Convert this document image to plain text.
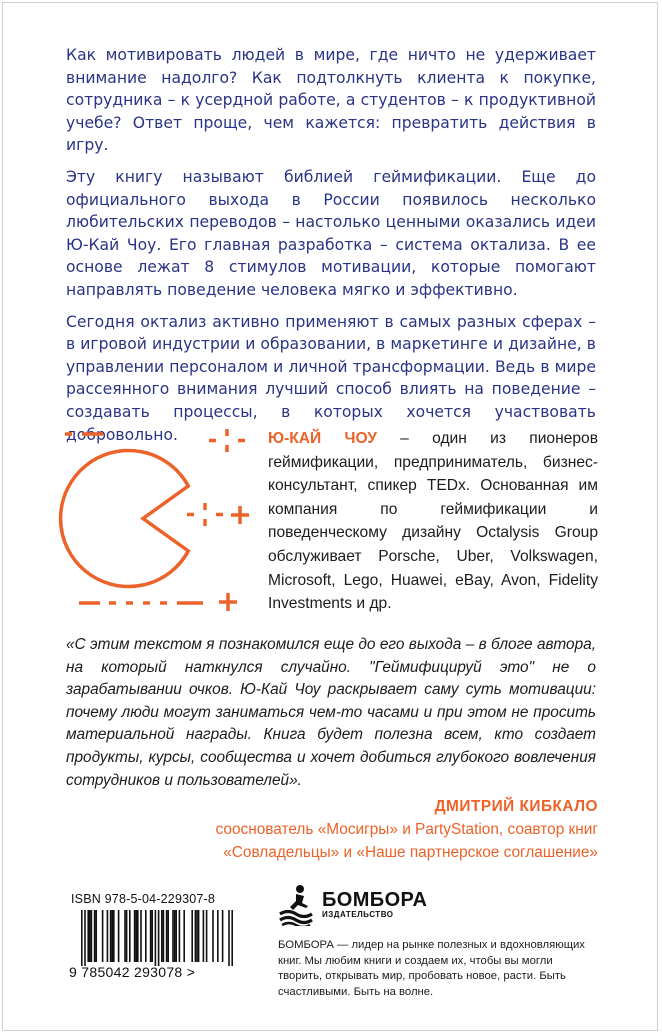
Как мотивировать людей в мире, где ничто не удерживает внимание надолго? Как подтолкнуть клиента к покупке, сотрудника – к усердной работе, а студентов – к продуктивной учебе? Ответ проще, чем кажется: превратить действия в игру.

Эту книгу называют библией геймификации. Еще до официального выхода в России появилось несколько любительских переводов – настолько ценными оказались идеи Ю-Кай Чоу. Его главная разработка – система октализа. В ее основе лежат 8 стимулов мотивации, которые помогают направлять поведение человека мягко и эффективно.

Сегодня октализ активно применяют в самых разных сферах – в игровой индустрии и образовании, в маркетинге и дизайне, в управлении персоналом и личной трансформации. Ведь в мире рассеянного внимания лучший способ влиять на поведение – создавать процессы, в которых хочется участвовать добровольно.	Ю-КАЙ ЧОУ – один из пионеров геймификации, предприниматель, бизнес-консультант, спикер TEDx. Основанная им компания по геймификации и поведенческому дизайну Octalysis Group обслуживает Porsche, Uber, Volkswagen, Microsoft, Lego, Huawei, eBay, Avon, Fidelity Investments и др.
«С этим текстом я познакомился еще до его выхода – в блоге автора, на который наткнулся случайно. "Геймифицируй это" не о зарабатывании очков. Ю-Кай Чоу раскрывает саму суть мотивации: почему люди могут заниматься чем-то часами и при этом не просить материальной награды. Книга будет полезна всем, кто создает продукты, курсы, сообщества и хочет добиться глубокого вовлечения сотрудников и пользователей».
ДМИТРИЙ КИБКАЛО
сооснователь «Мосигры» и PartyStation, соавтор книг
«Совладельцы» и «Наше партнерское соглашение»
ISBN 978-5-04-229307-8
9 785042 293078 >
БОМБОРА
ИЗДАТЕЛЬСТВО
БОМБОРА — лидер на рынке полезных и вдохновляющих книг. Мы любим книги и создаем их, чтобы вы могли творить, открывать мир, пробовать новое, расти. Быть счастливыми. Быть на волне.
